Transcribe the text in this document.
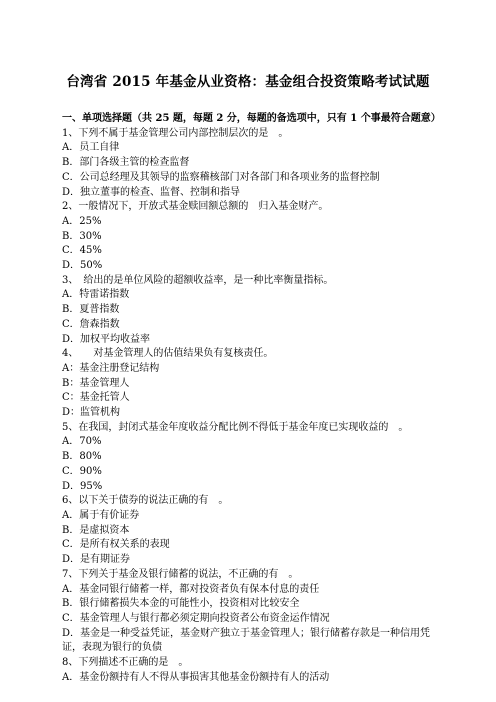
台湾省 2015 年基金从业资格：基金组合投资策略考试试题
一、单项选择题（共 25 题，每题 2 分，每题的备选项中，只有 1 个事最符合题意）
1、下列不属于基金管理公司内部控制层次的是　。
A．员工自律
B．部门各级主管的检查监督
C．公司总经理及其领导的监察稽核部门对各部门和各项业务的监督控制
D．独立董事的检查、监督、控制和指导
2、一般情况下，开放式基金赎回额总额的　归入基金财产。
A．25%
B．30%
C．45%
D．50%
3、　给出的是单位风险的超额收益率，是一种比率衡量指标。
A．特雷诺指数
B．夏普指数
C．詹森指数
D．加权平均收益率
4、　　对基金管理人的估值结果负有复核责任。
A：基金注册登记结构
B：基金管理人
C：基金托管人
D：监管机构
5、在我国，封闭式基金年度收益分配比例不得低于基金年度已实现收益的　。
A．70%
B．80%
C．90%
D．95%
6、以下关于债券的说法正确的有　。
A．属于有价证券
B．是虚拟资本
C．是所有权关系的表现
D．是有期证券
7、下列关于基金及银行储蓄的说法，不正确的有　。
A．基金同银行储蓄一样，都对投资者负有保本付息的责任
B．银行储蓄损失本金的可能性小，投资相对比较安全
C．基金管理人与银行都必须定期向投资者公布资金运作情况
D．基金是一种受益凭证，基金财产独立于基金管理人；银行储蓄存款是一种信用凭证，表现为银行的负债
8、下列描述不正确的是　。
A．基金份额持有人不得从事损害其他基金份额持有人的活动
